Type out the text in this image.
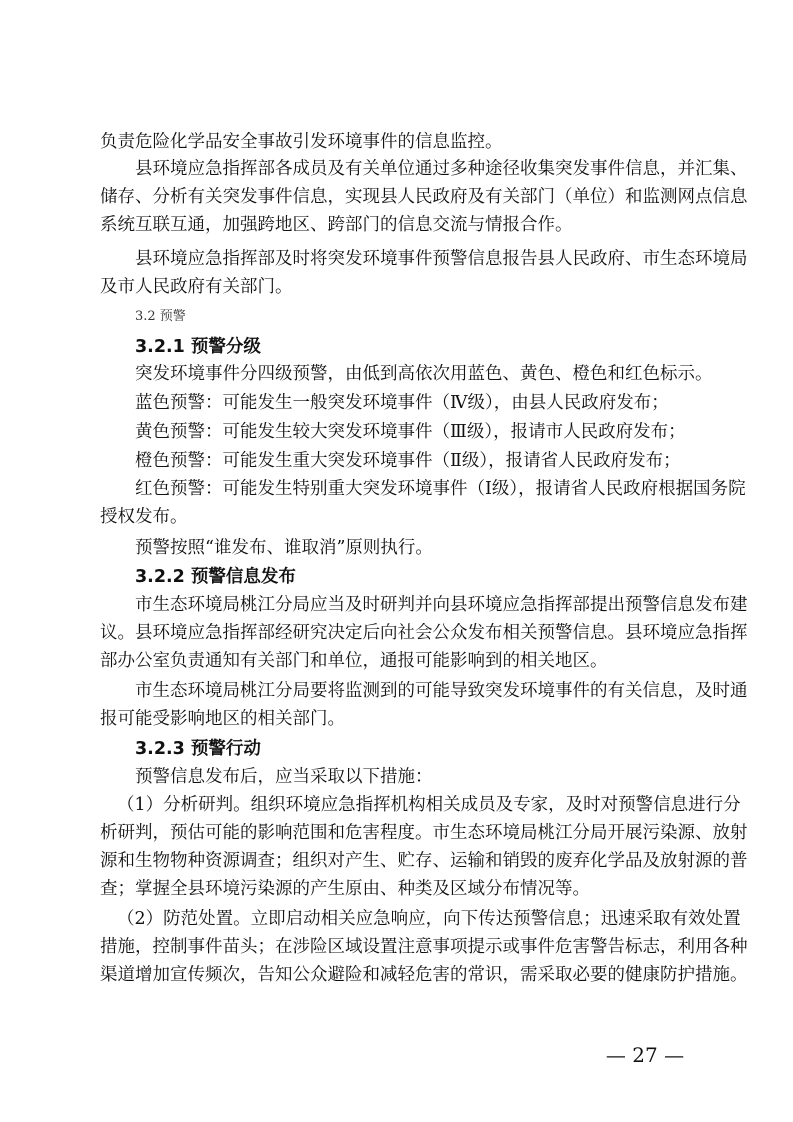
负责危险化学品安全事故引发环境事件的信息监控。
县环境应急指挥部各成员及有关单位通过多种途径收集突发事件信息，并汇集、
储存、分析有关突发事件信息，实现县人民政府及有关部门（单位）和监测网点信息
系统互联互通，加强跨地区、跨部门的信息交流与情报合作。
县环境应急指挥部及时将突发环境事件预警信息报告县人民政府、市生态环境局
及市人民政府有关部门。
3.2 预警
3.2.1 预警分级
突发环境事件分四级预警，由低到高依次用蓝色、黄色、橙色和红色标示。
蓝色预警：可能发生一般突发环境事件（Ⅳ级），由县人民政府发布；
黄色预警：可能发生较大突发环境事件（Ⅲ级），报请市人民政府发布；
橙色预警：可能发生重大突发环境事件（Ⅱ级），报请省人民政府发布；
红色预警：可能发生特别重大突发环境事件（Ⅰ级），报请省人民政府根据国务院
授权发布。
预警按照“谁发布、谁取消”原则执行。
3.2.2 预警信息发布
市生态环境局桃江分局应当及时研判并向县环境应急指挥部提出预警信息发布建
议。县环境应急指挥部经研究决定后向社会公众发布相关预警信息。县环境应急指挥
部办公室负责通知有关部门和单位，通报可能影响到的相关地区。
市生态环境局桃江分局要将监测到的可能导致突发环境事件的有关信息，及时通
报可能受影响地区的相关部门。
3.2.3 预警行动
预警信息发布后，应当采取以下措施：
（1）分析研判。组织环境应急指挥机构相关成员及专家，及时对预警信息进行分
析研判，预估可能的影响范围和危害程度。市生态环境局桃江分局开展污染源、放射
源和生物物种资源调查；组织对产生、贮存、运输和销毁的废弃化学品及放射源的普
查；掌握全县环境污染源的产生原由、种类及区域分布情况等。
（2）防范处置。立即启动相关应急响应，向下传达预警信息；迅速采取有效处置
措施，控制事件苗头；在涉险区域设置注意事项提示或事件危害警告标志，利用各种
渠道增加宣传频次，告知公众避险和减轻危害的常识，需采取必要的健康防护措施。
— 27 —
